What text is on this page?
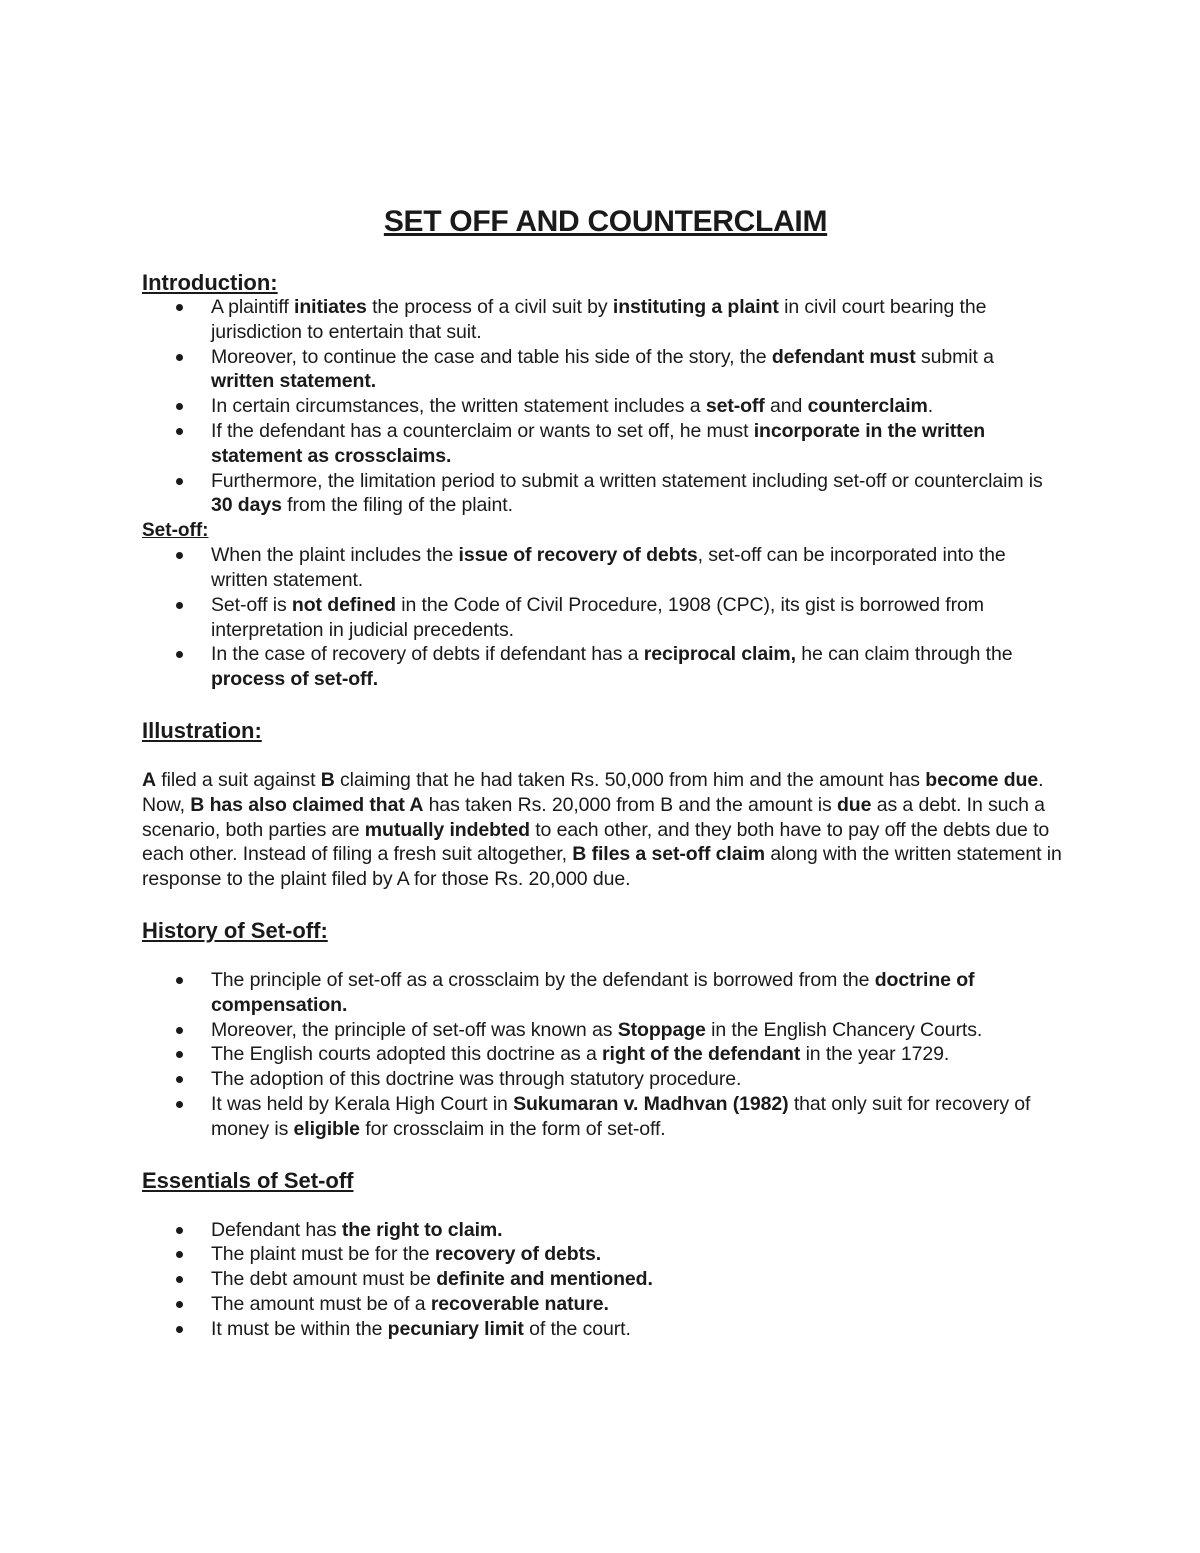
SET OFF AND COUNTERCLAIM
Introduction:
A plaintiff initiates the process of a civil suit by instituting a plaint in civil court bearing the jurisdiction to entertain that suit.
Moreover, to continue the case and table his side of the story, the defendant must submit a written statement.
In certain circumstances, the written statement includes a set-off and counterclaim.
If the defendant has a counterclaim or wants to set off, he must incorporate in the written statement as crossclaims.
Furthermore, the limitation period to submit a written statement including set-off or counterclaim is 30 days from the filing of the plaint.
Set-off:
When the plaint includes the issue of recovery of debts, set-off can be incorporated into the written statement.
Set-off is not defined in the Code of Civil Procedure, 1908 (CPC), its gist is borrowed from interpretation in judicial precedents.
In the case of recovery of debts if defendant has a reciprocal claim, he can claim through the process of set-off.
Illustration:

A filed a suit against B claiming that he had taken Rs. 50,000 from him and the amount has become due. Now, B has also claimed that A has taken Rs. 20,000 from B and the amount is due as a debt. In such a scenario, both parties are mutually indebted to each other, and they both have to pay off the debts due to each other. Instead of filing a fresh suit altogether, B files a set-off claim along with the written statement in response to the plaint filed by A for those Rs. 20,000 due.

History of Set-off:
The principle of set-off as a crossclaim by the defendant is borrowed from the doctrine of compensation.
Moreover, the principle of set-off was known as Stoppage in the English Chancery Courts.
The English courts adopted this doctrine as a right of the defendant in the year 1729.
The adoption of this doctrine was through statutory procedure.
It was held by Kerala High Court in Sukumaran v. Madhvan (1982) that only suit for recovery of money is eligible for crossclaim in the form of set-off.
Essentials of Set-off
Defendant has the right to claim.
The plaint must be for the recovery of debts.
The debt amount must be definite and mentioned.
The amount must be of a recoverable nature.
It must be within the pecuniary limit of the court.
